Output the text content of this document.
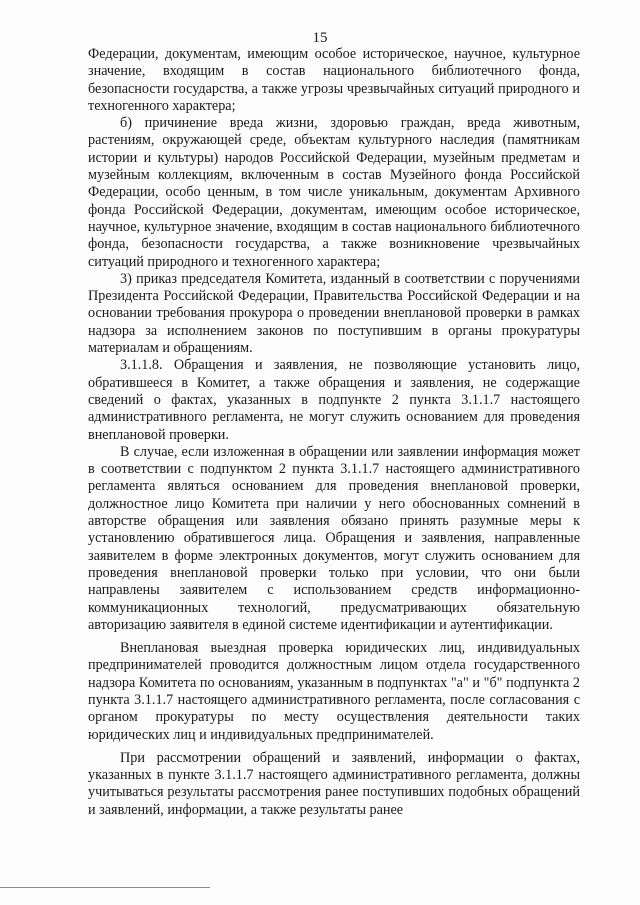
15

Федерации, документам, имеющим особое историческое, научное, культурное значение, входящим в состав национального библиотечного фонда, безопасности государства, а также угрозы чрезвычайных ситуаций природного и техногенного характера;

б) причинение вреда жизни, здоровью граждан, вреда животным, растениям, окружающей среде, объектам культурного наследия (памятникам истории и культуры) народов Российской Федерации, музейным предметам и музейным коллекциям, включенным в состав Музейного фонда Российской Федерации, особо ценным, в том числе уникальным, документам Архивного фонда Российской Федерации, документам, имеющим особое историческое, научное, культурное значение, входящим в состав национального библиотечного фонда, безопасности государства, а также возникновение чрезвычайных ситуаций природного и техногенного характера;

3) приказ председателя Комитета, изданный в соответствии с поручениями Президента Российской Федерации, Правительства Российской Федерации и на основании требования прокурора о проведении внеплановой проверки в рамках надзора за исполнением законов по поступившим в органы прокуратуры материалам и обращениям.

3.1.1.8. Обращения и заявления, не позволяющие установить лицо, обратившееся в Комитет, а также обращения и заявления, не содержащие сведений о фактах, указанных в подпункте 2 пункта 3.1.1.7 настоящего административного регламента, не могут служить основанием для проведения внеплановой проверки.

В случае, если изложенная в обращении или заявлении информация может в соответствии с подпунктом 2 пункта 3.1.1.7 настоящего административного регламента являться основанием для проведения внеплановой проверки, должностное лицо Комитета при наличии у него обоснованных сомнений в авторстве обращения или заявления обязано принять разумные меры к установлению обратившегося лица. Обращения и заявления, направленные заявителем в форме электронных документов, могут служить основанием для проведения внеплановой проверки только при условии, что они были направлены заявителем с использованием средств информационно-коммуникационных технологий, предусматривающих обязательную авторизацию заявителя в единой системе идентификации и аутентификации.

Внеплановая выездная проверка юридических лиц, индивидуальных предпринимателей проводится должностным лицом отдела государственного надзора Комитета по основаниям, указанным в подпунктах "а" и "б" подпункта 2 пункта 3.1.1.7 настоящего административного регламента, после согласования с органом прокуратуры по месту осуществления деятельности таких юридических лиц и индивидуальных предпринимателей.

При рассмотрении обращений и заявлений, информации о фактах, указанных в пункте 3.1.1.7 настоящего административного регламента, должны учитываться результаты рассмотрения ранее поступивших подобных обращений и заявлений, информации, а также результаты ранее
